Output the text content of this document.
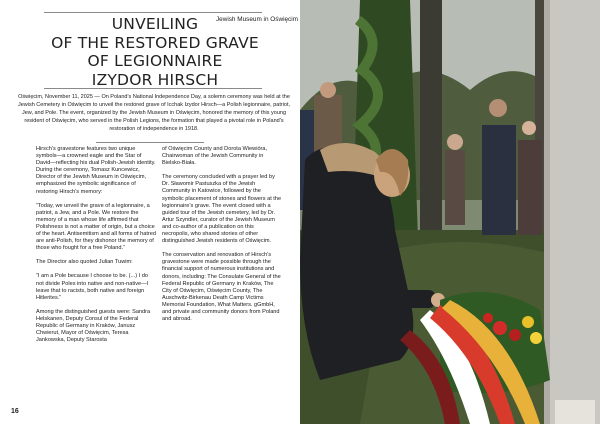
Jewish Museum in Oświęcim
UNVEILING
OF THE RESTORED GRAVE
OF LEGIONNAIRE
IZYDOR HIRSCH

Oświęcim, November 11, 2025 — On Poland’s National Independence Day, a solemn ceremony was held at the Jewish Cemetery in Oświęcim to unveil the restored grave of Icchak Izydor Hirsch—a Polish legionnaire, patriot, Jew, and Pole. The event, organized by the Jewish Museum in Oświęcim, honored the memory of this young resident of Oświęcim, who served in the Polish Legions, the formation that played a pivotal role in Poland’s restoration of independence in 1918.

Hirsch’s gravestone features two unique symbols—a crowned eagle and the Star of David—reflecting his dual Polish-Jewish identity. During the ceremony, Tomasz Kuncewicz, Director of the Jewish Museum in Oświęcim, emphasized the symbolic significance of restoring Hirsch’s memory:

“Today, we unveil the grave of a legionnaire, a patriot, a Jew, and a Pole. We restore the memory of a man whose life affirmed that Polishness is not a matter of origin, but a choice of the heart. Antisemitism and all forms of hatred are anti-Polish, for they dishonor the memory of those who fought for a free Poland.”

The Director also quoted Julian Tuwim:

“I am a Pole because I choose to be. (...) I do not divide Poles into native and non-native—I leave that to racists, both native and foreign Hitlerites.”

Among the distinguished guests were: Sandra Helskanen, Deputy Consul of the Federal Republic of Germany in Kraków, Janusz Chwierut, Mayor of Oświęcim, Teresa Jankowska, Deputy Starosta

of Oświęcim County and Dorota Wiewióra, Chairwoman of the Jewish Community in Bielsko-Biała.

The ceremony concluded with a prayer led by Dr. Sławomir Pastuszka of the Jewish Community in Katowice, followed by the symbolic placement of stones and flowers at the legionnaire’s grave. The event closed with a guided tour of the Jewish cemetery, led by Dr. Artur Szyndler, curator of the Jewish Museum and co-author of a publication on this necropolis, who shared stories of other distinguished Jewish residents of Oświęcim.

The conservation and renovation of Hirsch’s gravestone were made possible through the financial support of numerous institutions and donors, including: The Consulate General of the Federal Republic of Germany in Kraków, The City of Oświęcim, Oświęcim County, The Auschwitz-Birkenau Death Camp Victims Memorial Foundation, What Matters. gGmbH, and private and community donors from Poland and abroad.

16
